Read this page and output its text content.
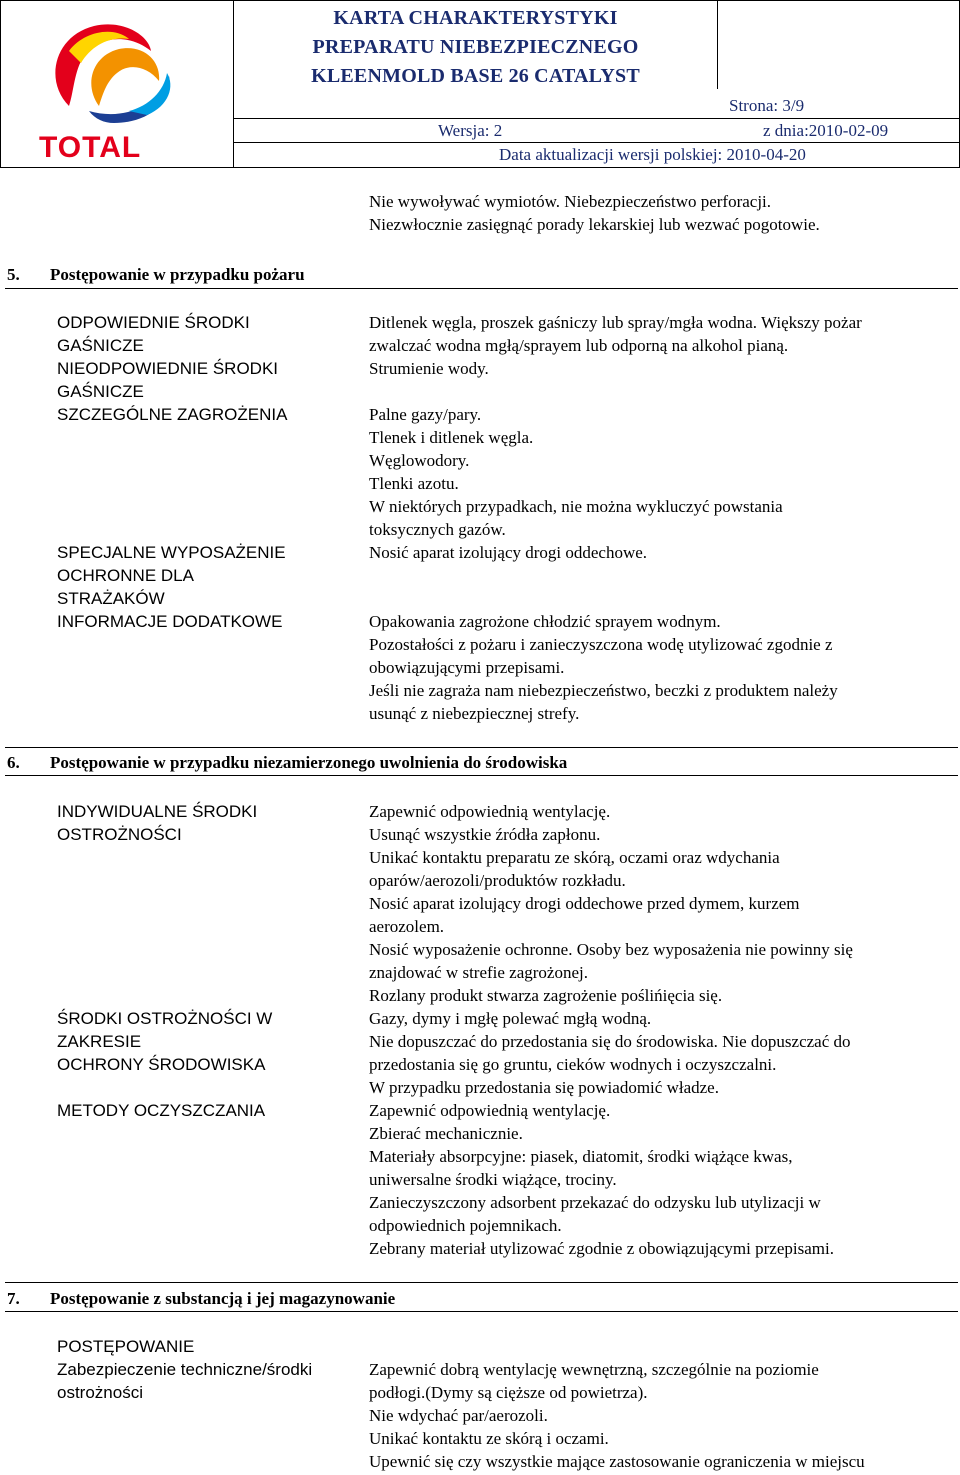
TOTAL
KARTA CHARAKTERYSTYKI
PREPARATU NIEBEZPIECZNEGO
KLEENMOLD BASE 26 CATALYST
Strona: 3/9
Wersja: 2	z dnia:2010-02-09
Data aktualizacji wersji polskiej: 2010-04-20
Nie wywoływać wymiotów. Niebezpieczeństwo perforacji.
Niezwłocznie zasięgnąć porady lekarskiej lub wezwać pogotowie.
5. Postępowanie w przypadku pożaru
ODPOWIEDNIE ŚRODKI
GAŚNICZE
NIEODPOWIEDNIE ŚRODKI
GAŚNICZE
SZCZEGÓLNE ZAGROŻENIA
SPECJALNE WYPOSAŻENIE
OCHRONNE DLA
STRAŻAKÓW
INFORMACJE DODATKOWE
Ditlenek węgla, proszek gaśniczy lub spray/mgła wodna. Większy pożar
zwalczać wodna mgłą/sprayem lub odporną na alkohol pianą.
Strumienie wody.
Palne gazy/pary.
Tlenek i ditlenek węgla.
Węglowodory.
Tlenki azotu.
W niektórych przypadkach, nie można wykluczyć powstania
toksycznych gazów.
Nosić aparat izolujący drogi oddechowe.
Opakowania zagrożone chłodzić sprayem wodnym.
Pozostałości z pożaru i zanieczyszczona wodę utylizować zgodnie z
obowiązującymi przepisami.
Jeśli nie zagraża nam niebezpieczeństwo, beczki z produktem należy
usunąć z niebezpiecznej strefy.
6. Postępowanie w przypadku niezamierzonego uwolnienia do środowiska
INDYWIDUALNE ŚRODKI
OSTROŻNOŚCI
ŚRODKI OSTROŻNOŚCI W
ZAKRESIE
OCHRONY ŚRODOWISKA
METODY OCZYSZCZANIA
Zapewnić odpowiednią wentylację.
Usunąć wszystkie źródła zapłonu.
Unikać kontaktu preparatu ze skórą, oczami oraz wdychania
oparów/aerozoli/produktów rozkładu.
Nosić aparat izolujący drogi oddechowe przed dymem, kurzem
aerozolem.
Nosić wyposażenie ochronne. Osoby bez wyposażenia nie powinny się
znajdować w strefie zagrożonej.
Rozlany produkt stwarza zagrożenie poślińięcia się.
Gazy, dymy i mgłę polewać mgłą wodną.
Nie dopuszczać do przedostania się do środowiska. Nie dopuszczać do
przedostania się go gruntu, cieków wodnych i oczyszczalni.
W przypadku przedostania się powiadomić władze.
Zapewnić odpowiednią wentylację.
Zbierać mechanicznie.
Materiały absorpcyjne: piasek, diatomit, środki wiążące kwas,
uniwersalne środki wiążące, trociny.
Zanieczyszczony adsorbent przekazać do odzysku lub utylizacji w
odpowiednich pojemnikach.
Zebrany materiał utylizować zgodnie z obowiązującymi przepisami.
7. Postępowanie z substancją i jej magazynowanie
POSTĘPOWANIE
Zabezpieczenie techniczne/środki
ostrożności
Zapewnić dobrą wentylację wewnętrzną, szczególnie na poziomie
podłogi.(Dymy są cięższe od powietrza).
Nie wdychać par/aerozoli.
Unikać kontaktu ze skórą i oczami.
Upewnić się czy wszystkie mające zastosowanie ograniczenia w miejscu
